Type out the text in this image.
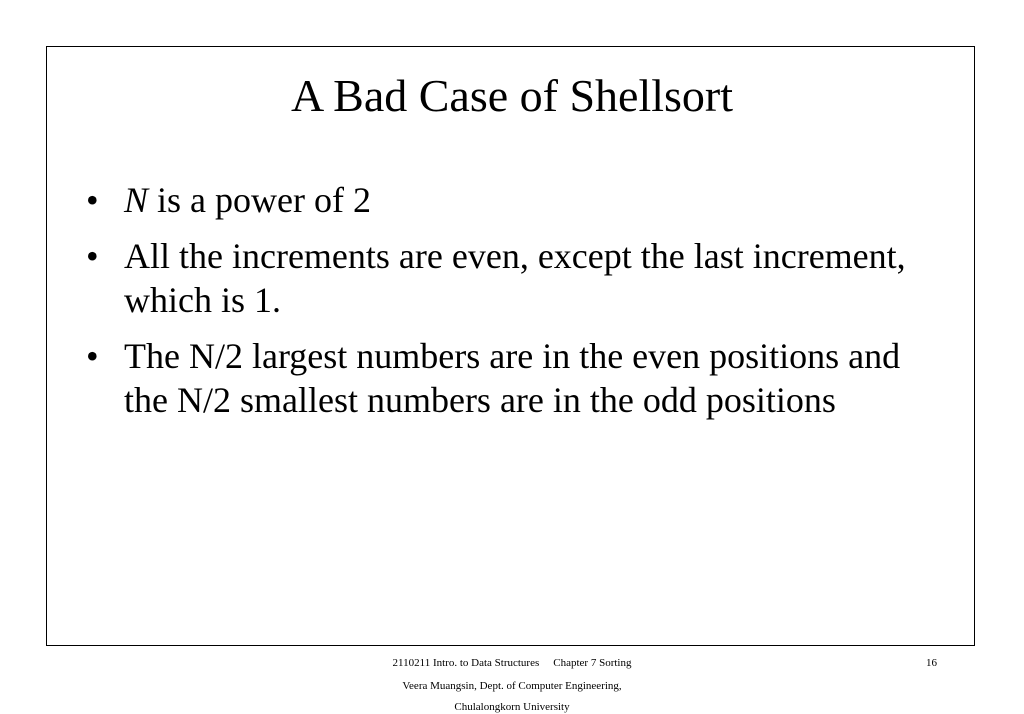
A Bad Case of Shellsort
• N is a power of 2
• All the increments are even, except the last increment, which is 1.
• The N/2 largest numbers are in the even positions and the N/2 smallest numbers are in the odd positions
2110211 Intro. to Data Structures Chapter 7 Sorting	16
Veera Muangsin, Dept. of Computer Engineering,
Chulalongkorn University
